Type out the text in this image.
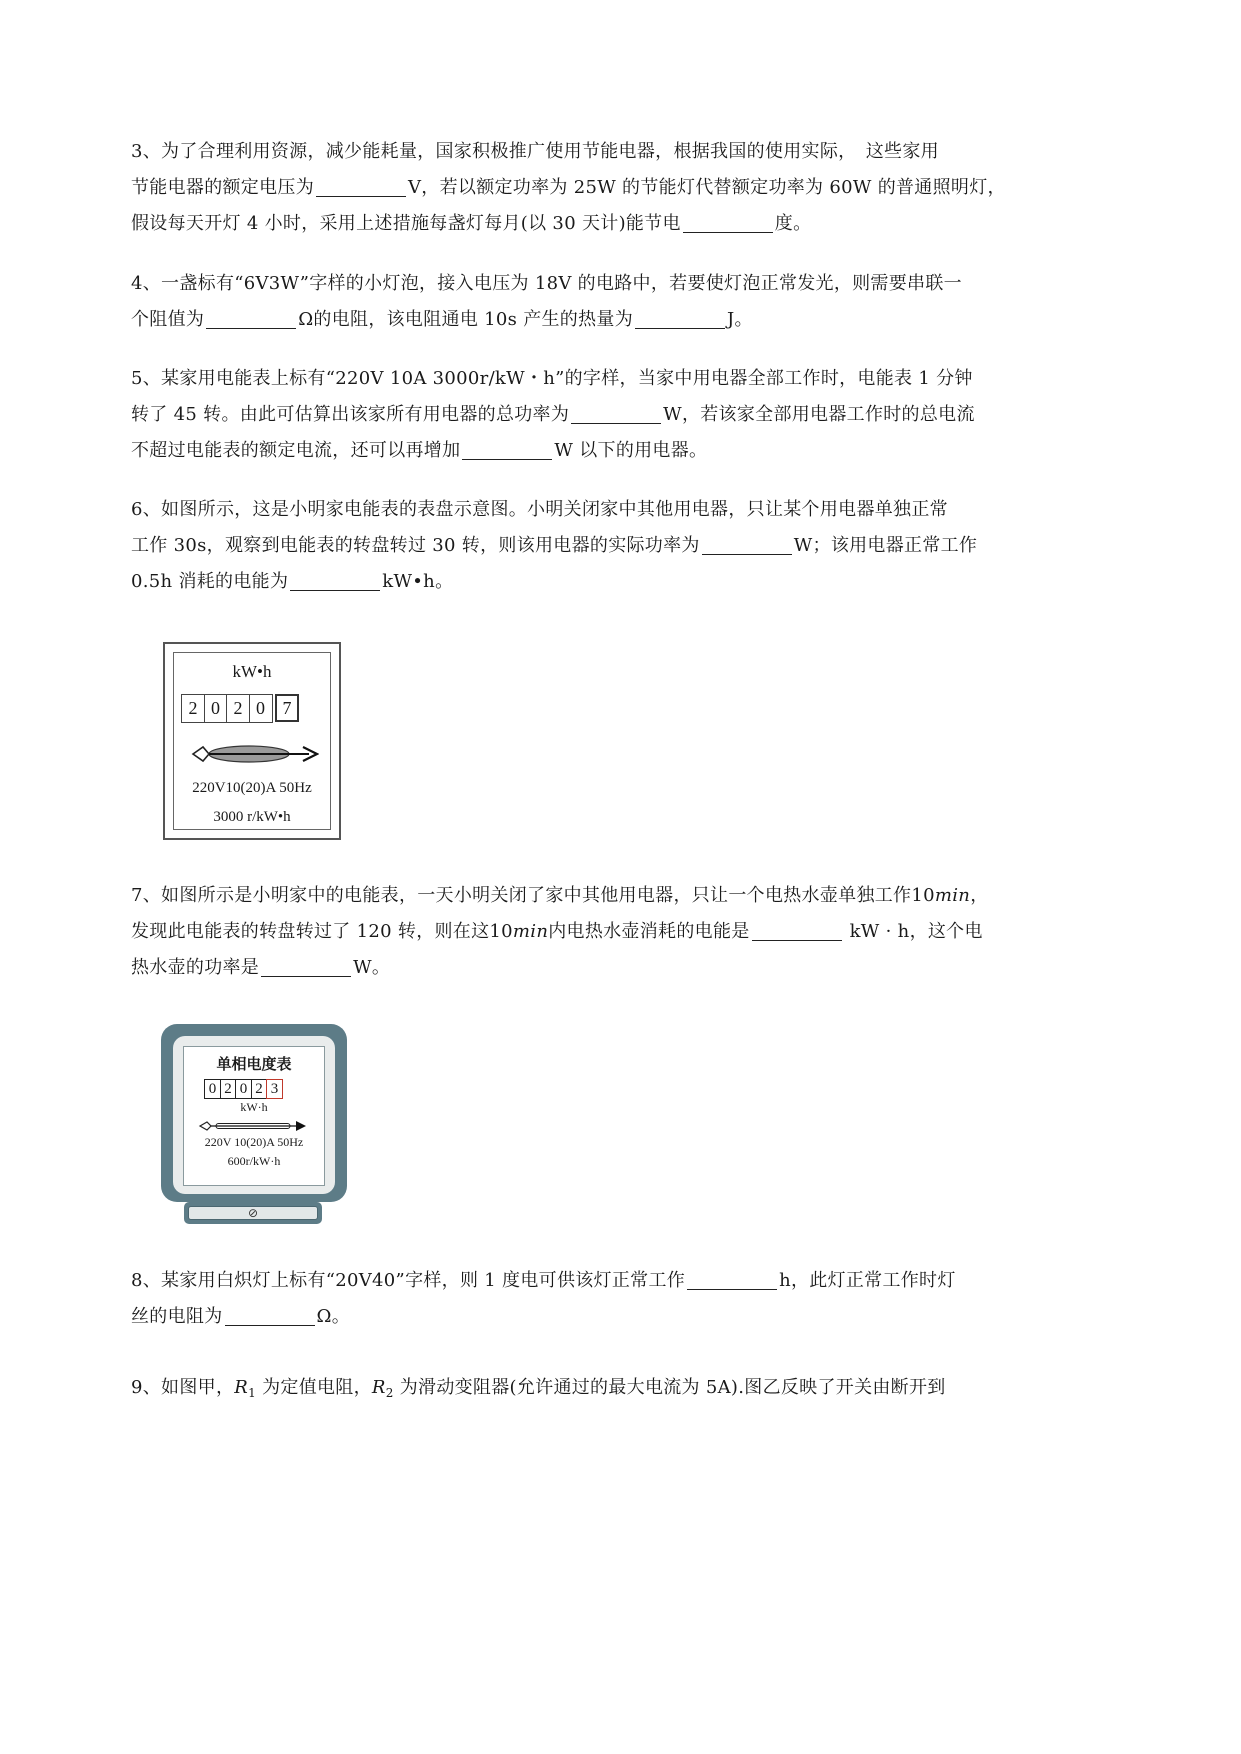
3、为了合理利用资源，减少能耗量，国家积极推广使用节能电器，根据我国的使用实际，　这些家用
节能电器的额定电压为	V，若以额定功率为 25W 的节能灯代替额定功率为 60W 的普通照明灯，
假设每天开灯 4 小时，采用上述措施每盏灯每月(以 30 天计)能节电	度。
4、一盏标有“6V3W”字样的小灯泡，接入电压为 18V 的电路中，若要使灯泡正常发光，则需要串联一
个阻值为	Ω的电阻，该电阻通电 10s 产生的热量为	J。
5、某家用电能表上标有“220V 10A 3000r/kW・h”的字样，当家中用电器全部工作时，电能表 1 分钟
转了 45 转。由此可估算出该家所有用电器的总功率为	W，若该家全部用电器工作时的总电流
不超过电能表的额定电流，还可以再增加	W 以下的用电器。
6、如图所示，这是小明家电能表的表盘示意图。小明关闭家中其他用电器，只让某个用电器单独正常
工作 30s，观察到电能表的转盘转过 30 转，则该用电器的实际功率为	W；该用电器正常工作
0.5h 消耗的电能为	kW•h。
kW•h
2 0 2 0 7
220V10(20)A 50Hz
3000 r/kW•h
7、如图所示是小明家中的电能表，一天小明关闭了家中其他用电器，只让一个电热水壶单独工作10min，
发现此电能表的转盘转过了 120 转，则在这10min内电热水壶消耗的电能是	kW · h，这个电
热水壶的功率是	W。
单相电度表
0 2 0 2 3
kW·h
220V 10(20)A 50Hz
600r/kW·h
⊘
8、某家用白炽灯上标有“20V40”字样，则 1 度电可供该灯正常工作	h，此灯正常工作时灯
丝的电阻为	Ω。
9、如图甲，$R_1$ 为定值电阻，$R_2$ 为滑动变阻器(允许通过的最大电流为 5A).图乙反映了开关由断开到
